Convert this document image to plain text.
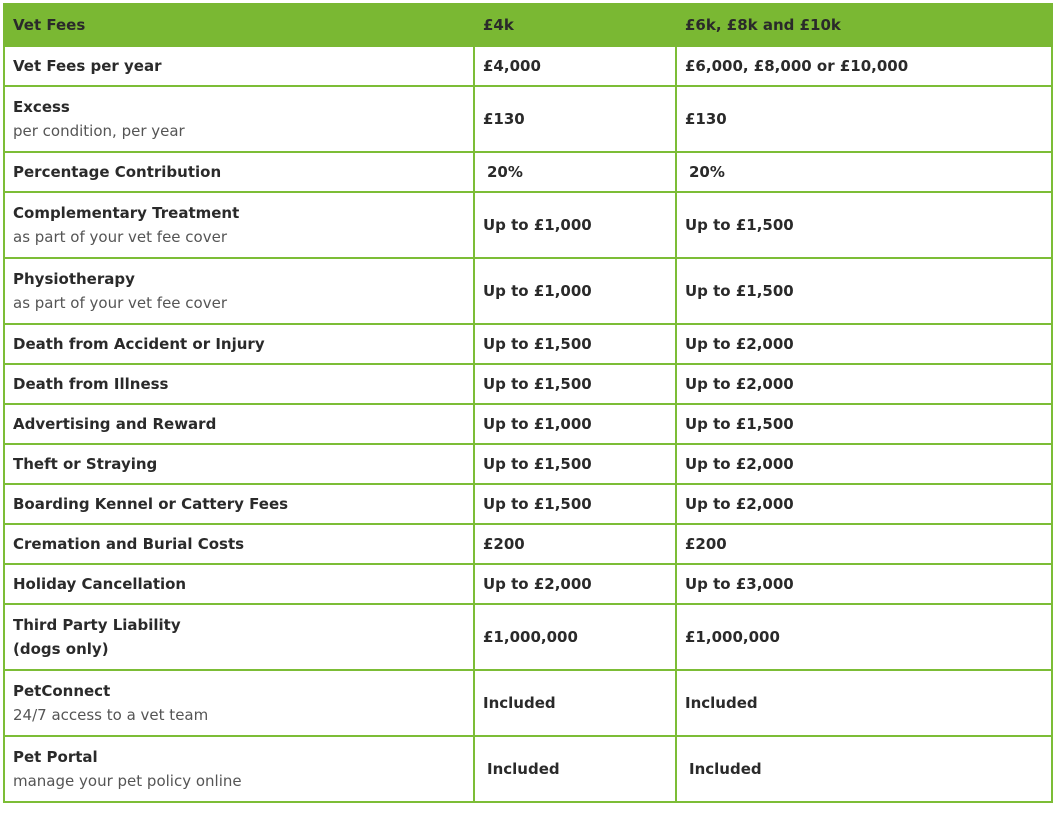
Vet Fees	£4k	£6k, £8k and £10k

Vet Fees per year	£4,000	£6,000, £8,000 or £10,000

Excess
per condition, per year	£130	£130

Percentage Contribution	20%	20%

Complementary Treatment
as part of your vet fee cover	Up to £1,000	Up to £1,500

Physiotherapy
as part of your vet fee cover	Up to £1,000	Up to £1,500

Death from Accident or Injury	Up to £1,500	Up to £2,000

Death from Illness	Up to £1,500	Up to £2,000

Advertising and Reward	Up to £1,000	Up to £1,500

Theft or Straying	Up to £1,500	Up to £2,000

Boarding Kennel or Cattery Fees	Up to £1,500	Up to £2,000

Cremation and Burial Costs	£200	£200

Holiday Cancellation	Up to £2,000	Up to £3,000

Third Party Liability
(dogs only)	£1,000,000	£1,000,000

PetConnect
24/7 access to a vet team	Included	Included

Pet Portal
manage your pet policy online	Included	Included
